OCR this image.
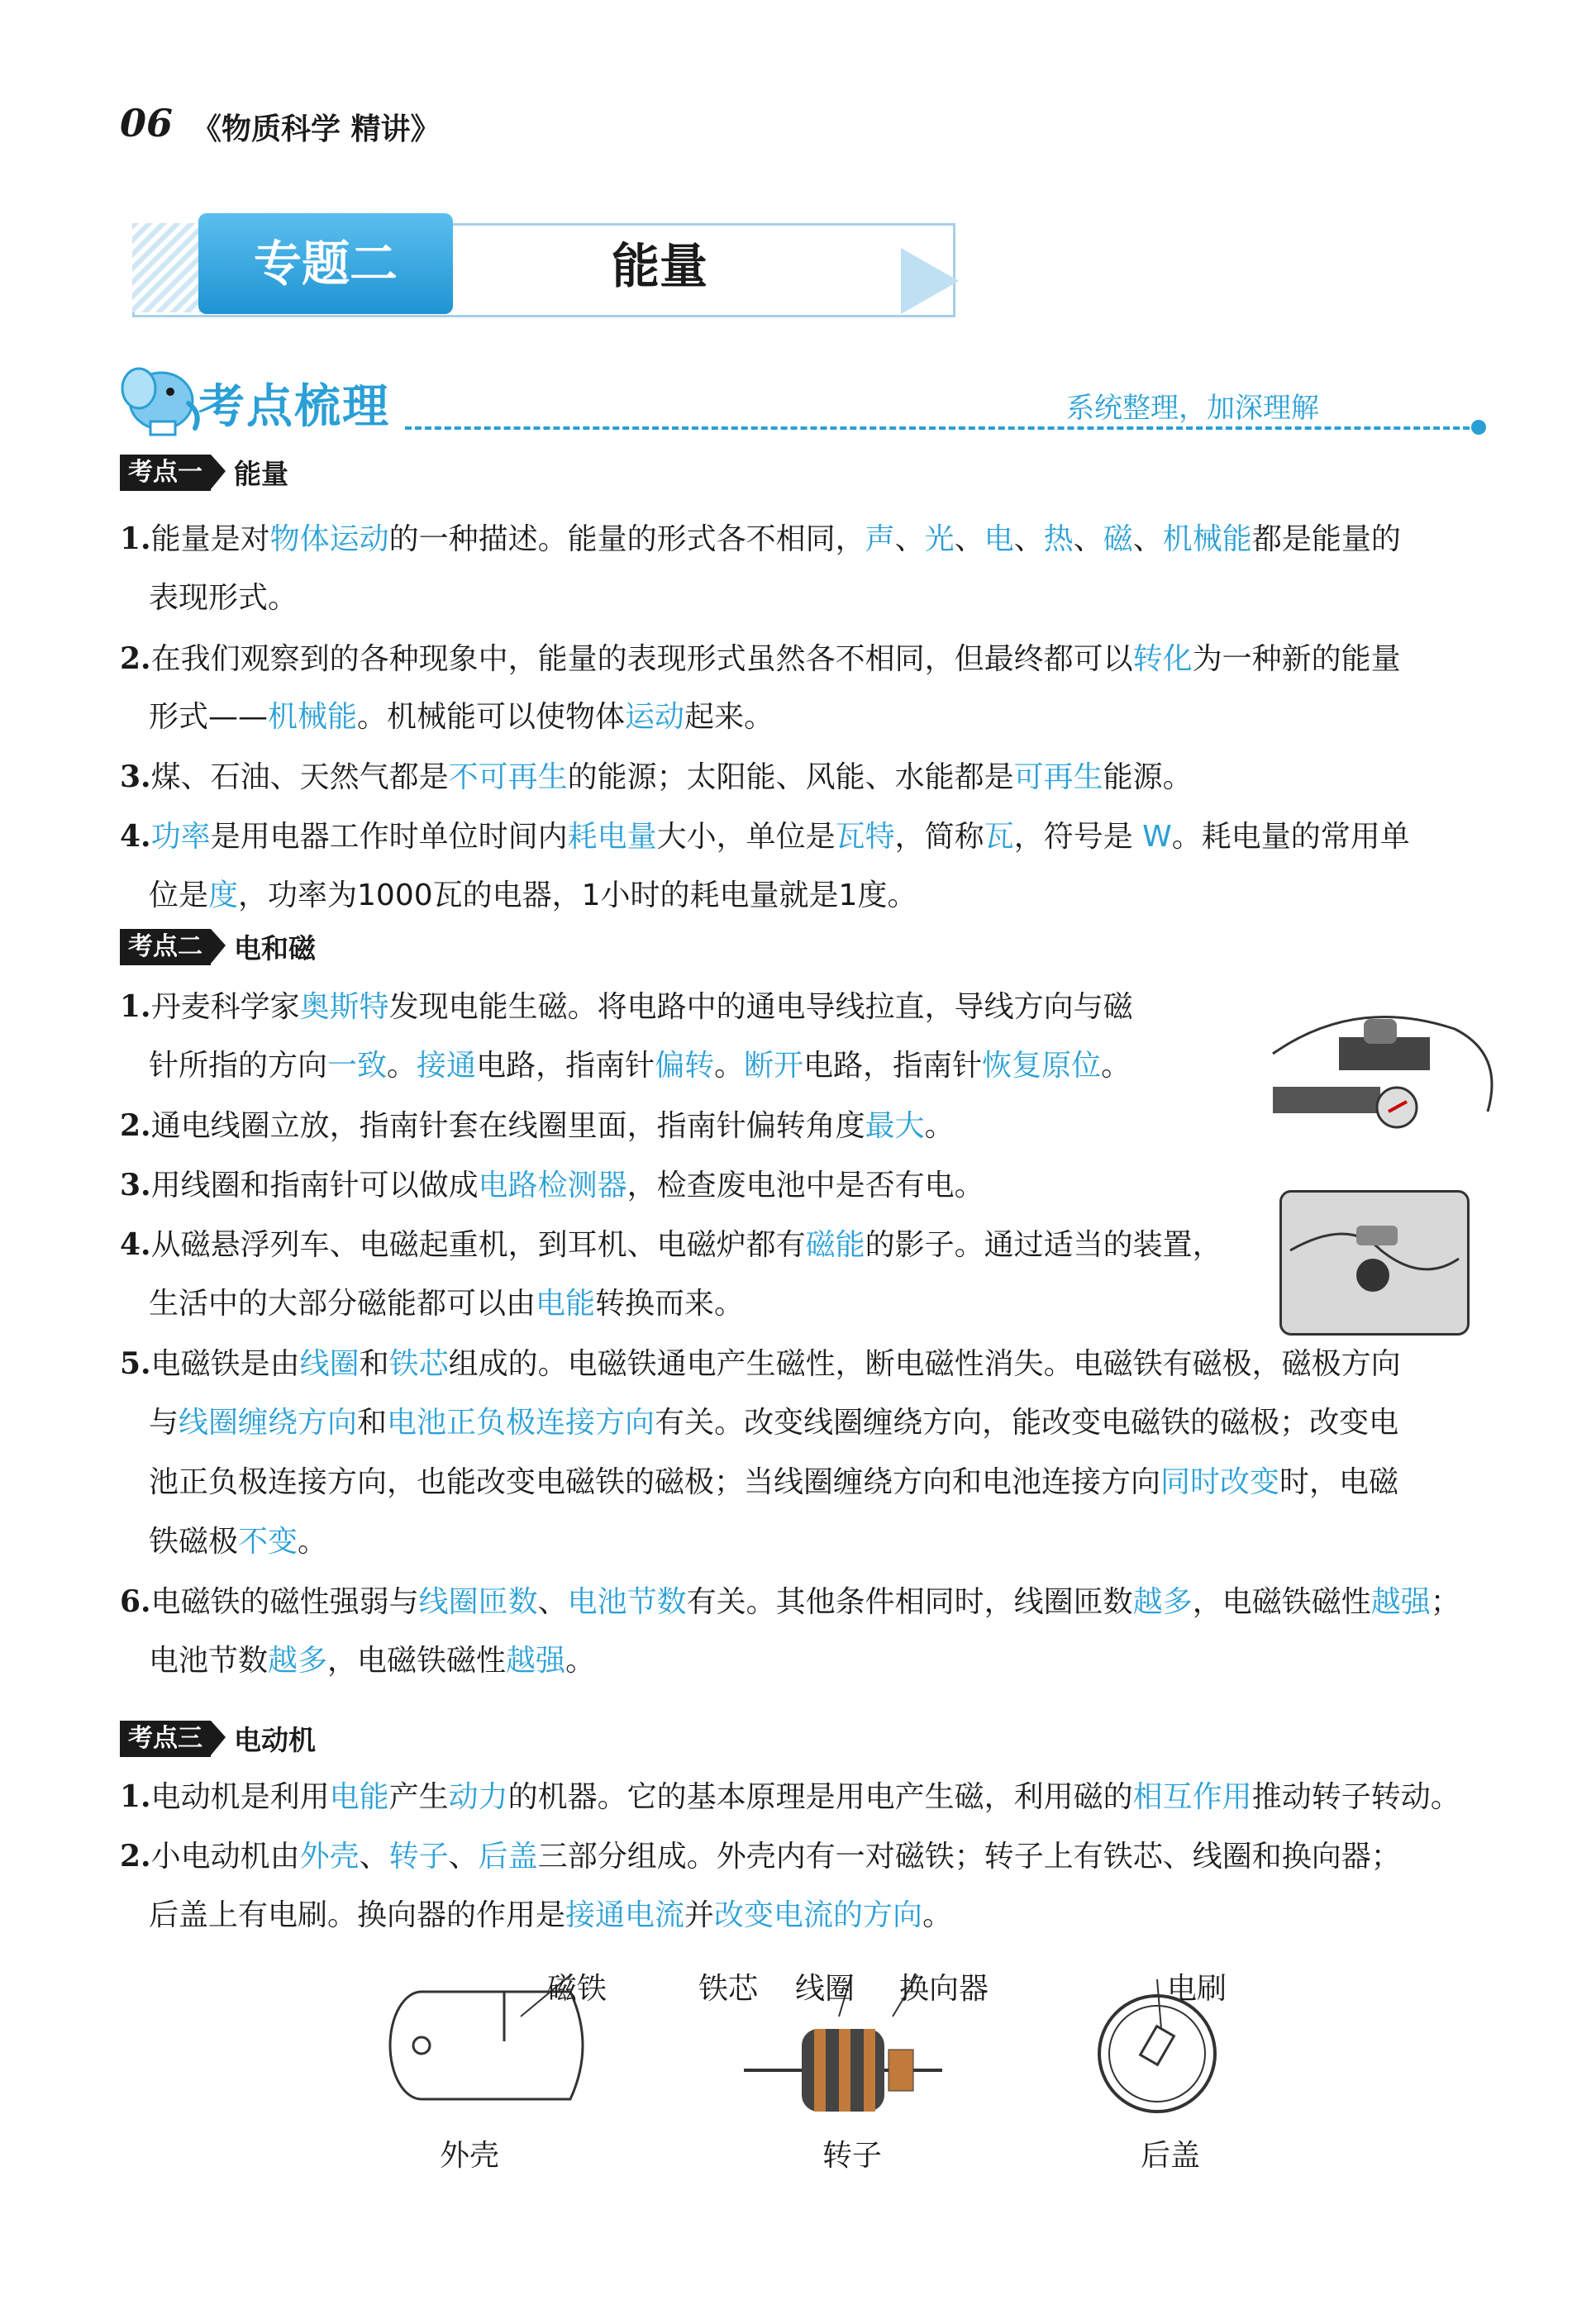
06 《物质科学 精讲》
专题二	能量
考点梳理	系统整理，加深理解
考点一	能量
考点二	电和磁
考点三	电动机
1.能量是对物体运动的一种描述。能量的形式各不相同，声、光、电、热、磁、机械能都是能量的
表现形式。
2.在我们观察到的各种现象中，能量的表现形式虽然各不相同，但最终都可以转化为一种新的能量
形式——机械能。机械能可以使物体运动起来。
3.煤、石油、天然气都是不可再生的能源；太阳能、风能、水能都是可再生能源。
4.功率是用电器工作时单位时间内耗电量大小，单位是瓦特，简称瓦，符号是 W。耗电量的常用单
位是度，功率为1000瓦的电器，1小时的耗电量就是1度。
1.丹麦科学家奥斯特发现电能生磁。将电路中的通电导线拉直，导线方向与磁
针所指的方向一致。接通电路，指南针偏转。断开电路，指南针恢复原位。
2.通电线圈立放，指南针套在线圈里面，指南针偏转角度最大。
3.用线圈和指南针可以做成电路检测器，检查废电池中是否有电。
4.从磁悬浮列车、电磁起重机，到耳机、电磁炉都有磁能的影子。通过适当的装置，
生活中的大部分磁能都可以由电能转换而来。
5.电磁铁是由线圈和铁芯组成的。电磁铁通电产生磁性，断电磁性消失。电磁铁有磁极，磁极方向
与线圈缠绕方向和电池正负极连接方向有关。改变线圈缠绕方向，能改变电磁铁的磁极；改变电
池正负极连接方向，也能改变电磁铁的磁极；当线圈缠绕方向和电池连接方向同时改变时，电磁
铁磁极不变。
6.电磁铁的磁性强弱与线圈匝数、电池节数有关。其他条件相同时，线圈匝数越多，电磁铁磁性越强；
电池节数越多，电磁铁磁性越强。
1.电动机是利用电能产生动力的机器。它的基本原理是用电产生磁，利用磁的相互作用推动转子转动。
2.小电动机由外壳、转子、后盖三部分组成。外壳内有一对磁铁；转子上有铁芯、线圈和换向器；
后盖上有电刷。换向器的作用是接通电流并改变电流的方向。
磁铁	铁芯 线圈 换向器	电刷
外壳	转子	后盖
